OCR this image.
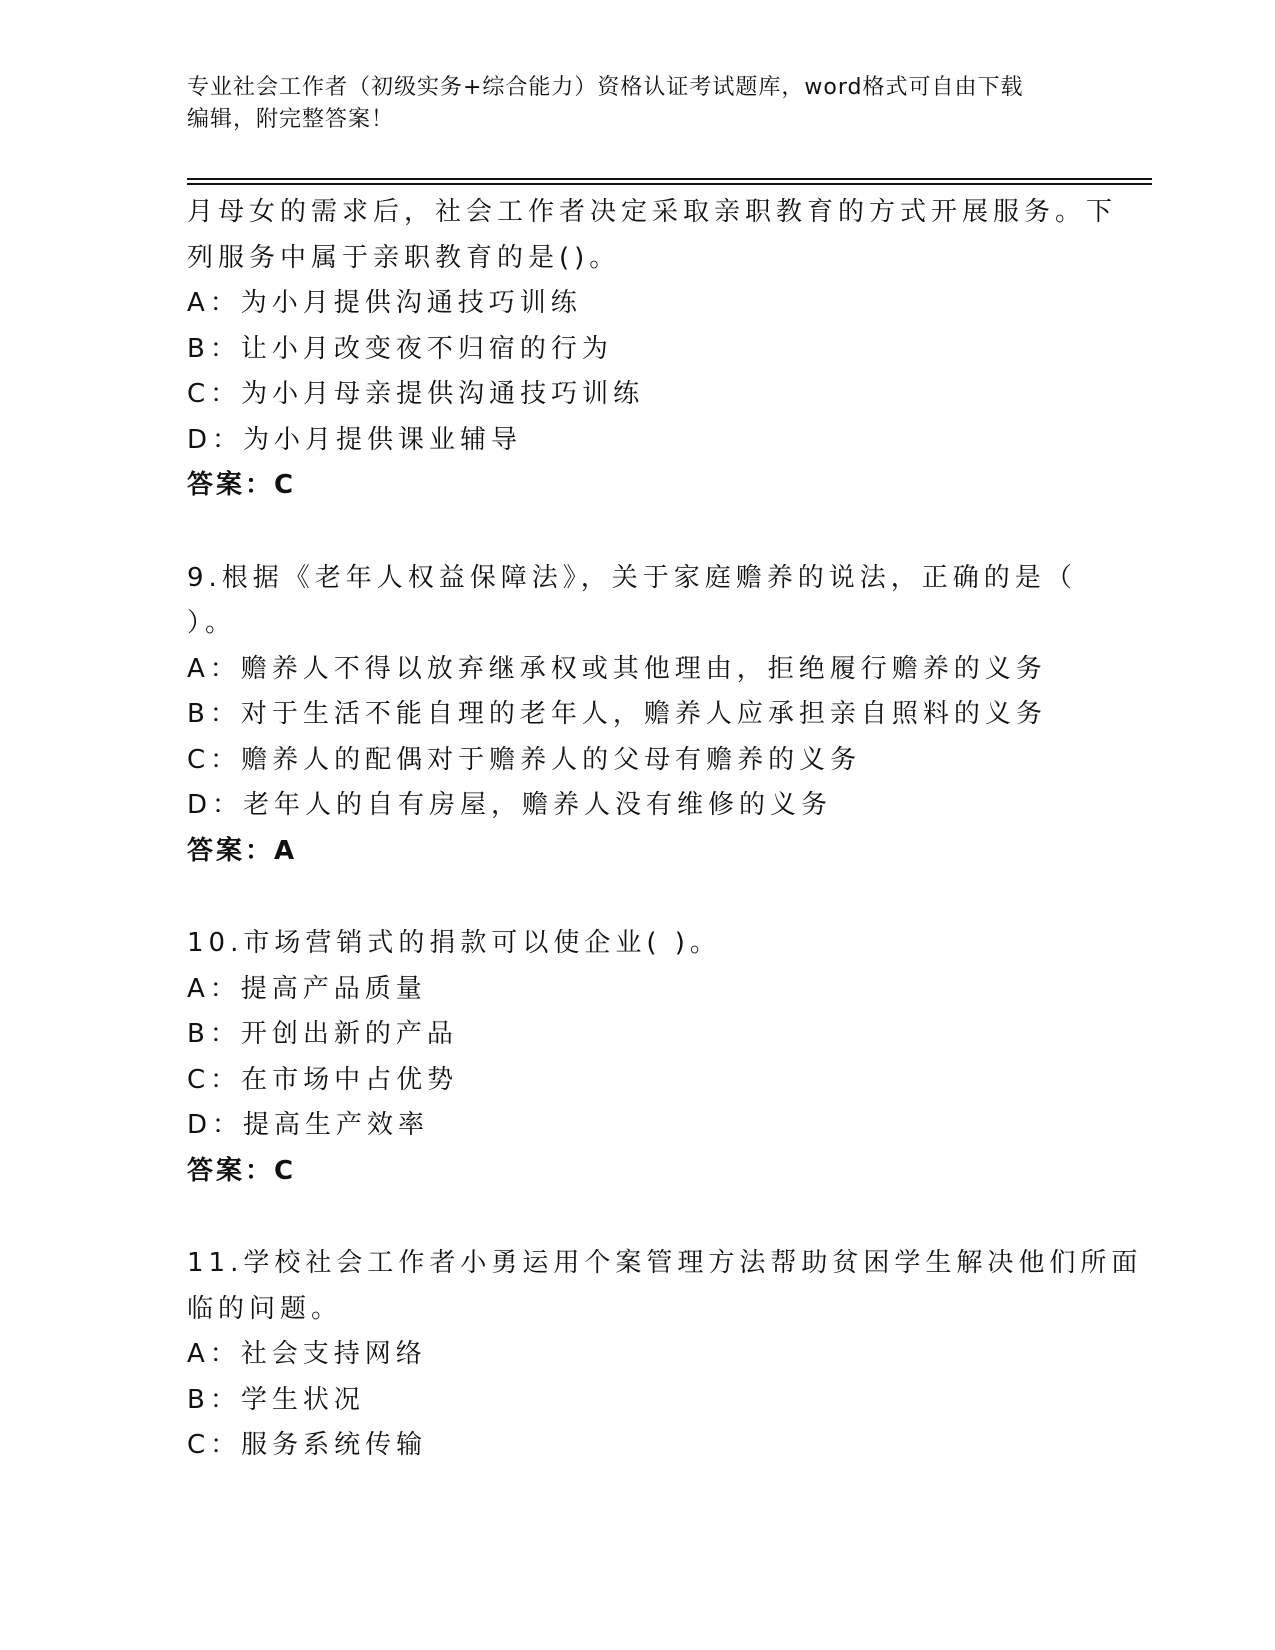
专业社会工作者（初级实务+综合能力）资格认证考试题库，word格式可自由下载
编辑，附完整答案！

月母女的需求后，社会工作者决定采取亲职教育的方式开展服务。下

列服务中属于亲职教育的是()。

A：为小月提供沟通技巧训练

B：让小月改变夜不归宿的行为

C：为小月母亲提供沟通技巧训练

D：为小月提供课业辅导

答案：C

9.根据《老年人权益保障法》，关于家庭赡养的说法，正确的是（

）。

A：赡养人不得以放弃继承权或其他理由，拒绝履行赡养的义务

B：对于生活不能自理的老年人，赡养人应承担亲自照料的义务

C：赡养人的配偶对于赡养人的父母有赡养的义务

D：老年人的自有房屋，赡养人没有维修的义务

答案：A

10.市场营销式的捐款可以使企业( )。

A：提高产品质量

B：开创出新的产品

C：在市场中占优势

D：提高生产效率

答案：C

11.学校社会工作者小勇运用个案管理方法帮助贫困学生解决他们所面

临的问题。

A：社会支持网络

B：学生状况

C：服务系统传输
